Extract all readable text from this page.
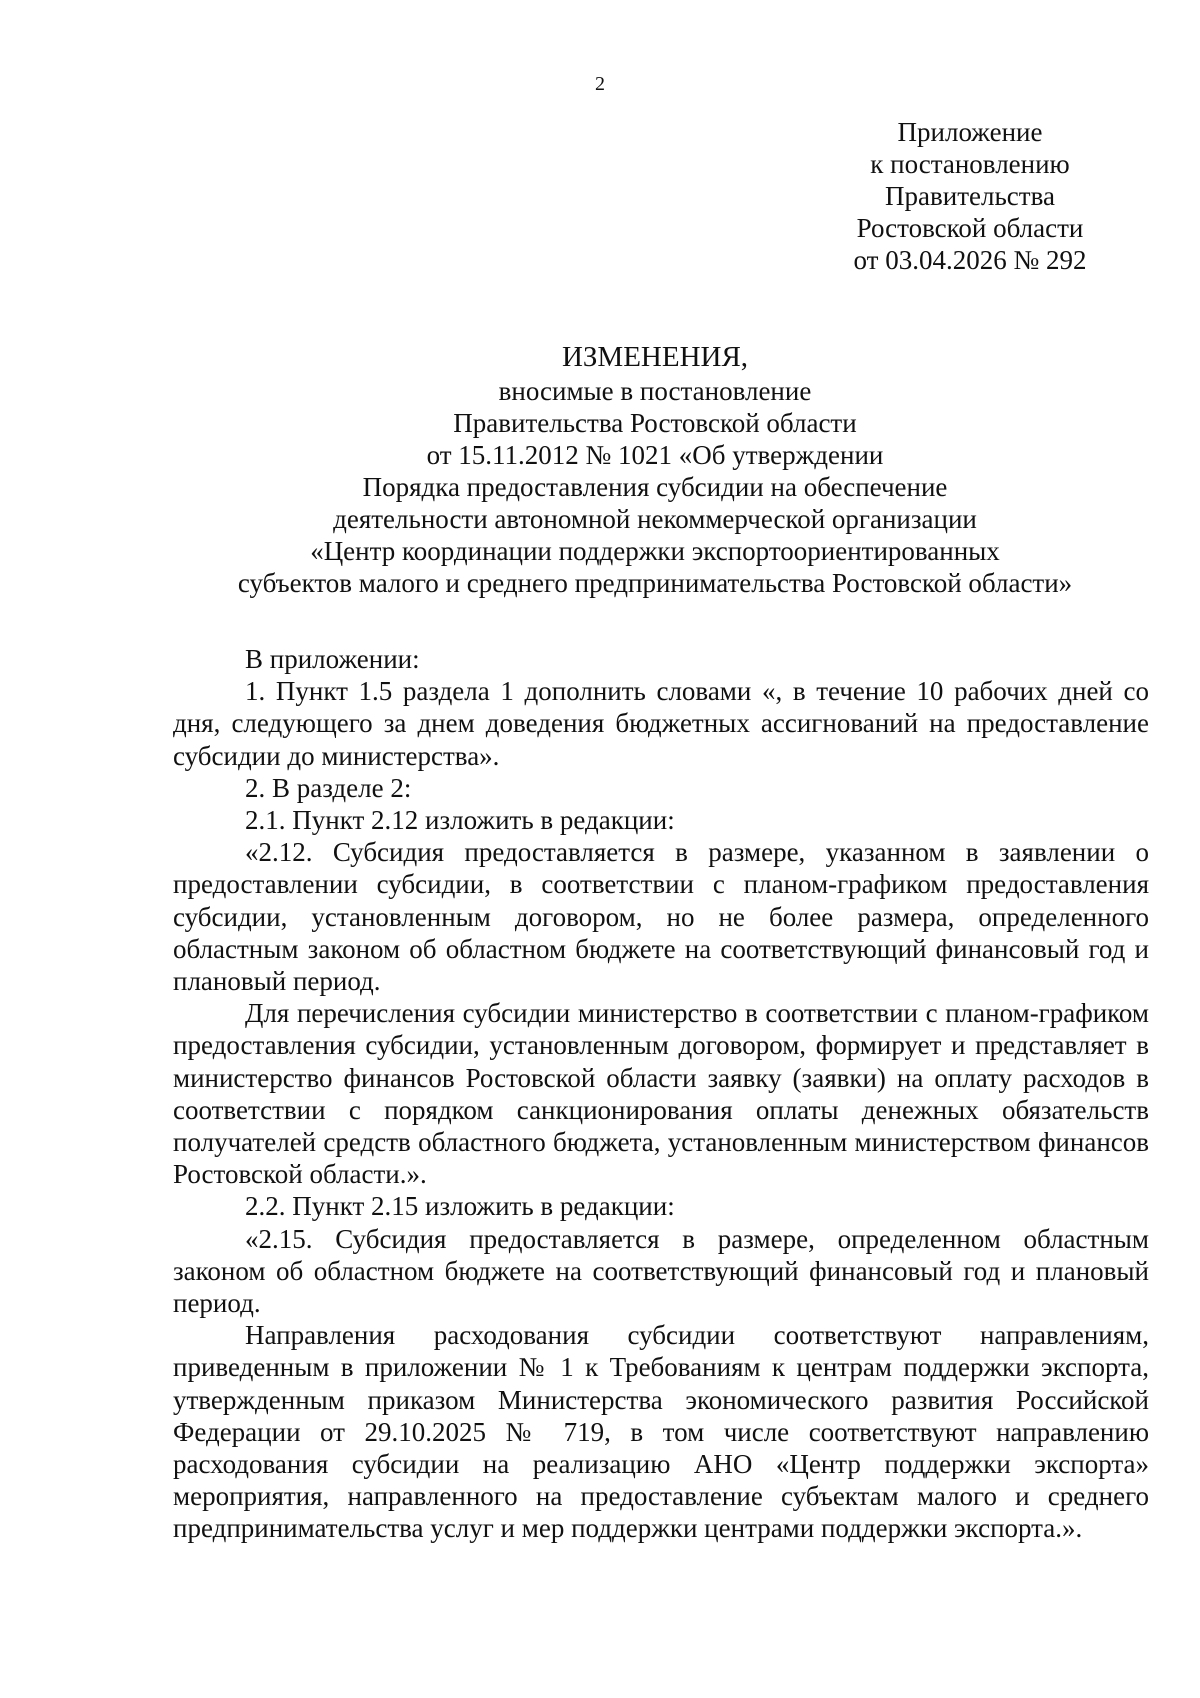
2
Приложение
к постановлению
Правительства
Ростовской области
от 03.04.2026 № 292
ИЗМЕНЕНИЯ,
вносимые в постановление
Правительства Ростовской области
от 15.11.2012 № 1021 «Об утверждении
Порядка предоставления субсидии на обеспечение
деятельности автономной некоммерческой организации
«Центр координации поддержки экспортоориентированных
субъектов малого и среднего предпринимательства Ростовской области»

В приложении:

1. Пункт 1.5 раздела 1 дополнить словами «, в течение 10 рабочих дней со дня, следующего за днем доведения бюджетных ассигнований на предоставление субсидии до министерства».

2. В разделе 2:

2.1. Пункт 2.12 изложить в редакции:

«2.12. Субсидия предоставляется в размере, указанном в заявлении о предоставлении субсидии, в соответствии с планом-графиком предоставления субсидии, установленным договором, но не более размера, определенного областным законом об областном бюджете на соответствующий финансовый год и плановый период.

Для перечисления субсидии министерство в соответствии с планом-графиком предоставления субсидии, установленным договором, формирует и представляет в министерство финансов Ростовской области заявку (заявки) на оплату расходов в соответствии с порядком санкционирования оплаты денежных обязательств получателей средств областного бюджета, установленным министерством финансов Ростовской области.».

2.2. Пункт 2.15 изложить в редакции:

«2.15. Субсидия предоставляется в размере, определенном областным законом об областном бюджете на соответствующий финансовый год и плановый период.

Направления расходования субсидии соответствуют направлениям, приведенным в приложении № 1 к Требованиям к центрам поддержки экспорта, утвержденным приказом Министерства экономического развития Российской Федерации от 29.10.2025 № 719, в том числе соответствуют направлению расходования субсидии на реализацию АНО «Центр поддержки экспорта» мероприятия, направленного на предоставление субъектам малого и среднего предпринимательства услуг и мер поддержки центрами поддержки экспорта.».
